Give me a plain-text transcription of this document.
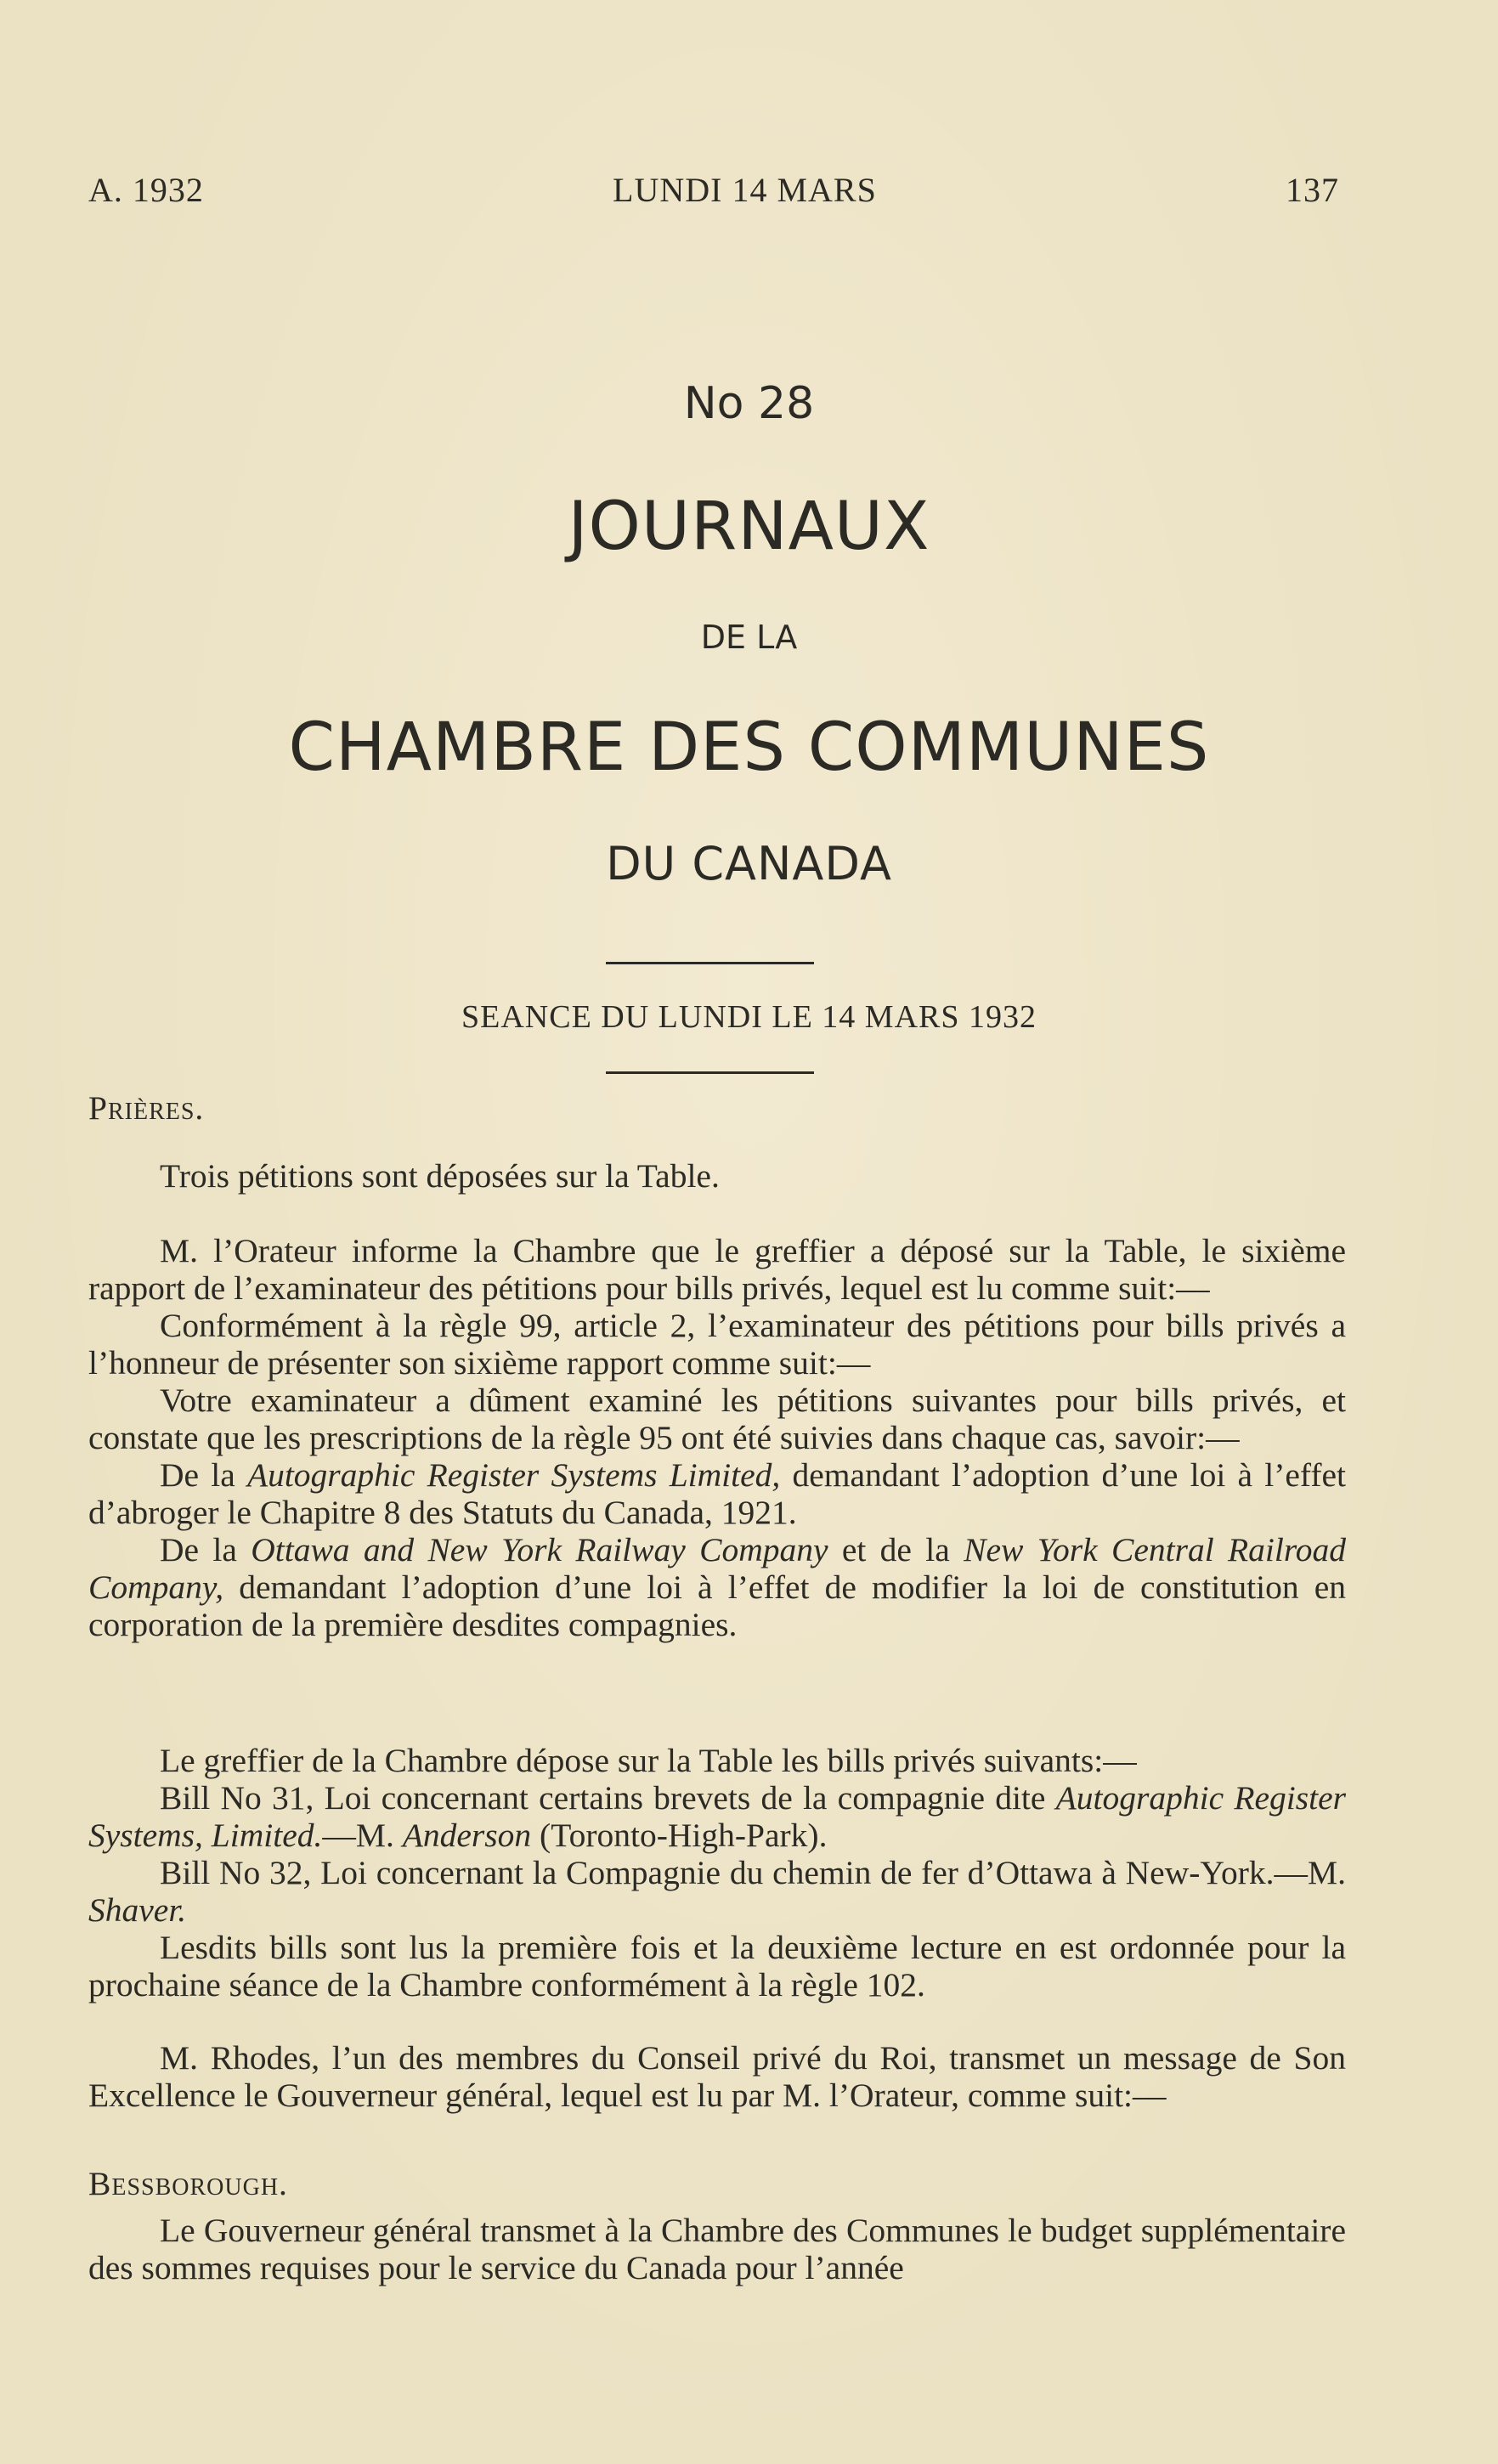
A. 1932	LUNDI 14 MARS	137
No 28
JOURNAUX
DE LA
CHAMBRE DES COMMUNES
DU CANADA
SEANCE DU LUNDI LE 14 MARS 1932

Prières.

Trois pétitions sont déposées sur la Table.

M. l’Orateur informe la Chambre que le greffier a déposé sur la Table, le sixième rapport de l’examinateur des pétitions pour bills privés, lequel est lu comme suit:—

Conformément à la règle 99, article 2, l’examinateur des pétitions pour bills privés a l’honneur de présenter son sixième rapport comme suit:—

Votre examinateur a dûment examiné les pétitions suivantes pour bills privés, et constate que les prescriptions de la règle 95 ont été suivies dans chaque cas, savoir:—

De la Autographic Register Systems Limited, demandant l’adoption d’une loi à l’effet d’abroger le Chapitre 8 des Statuts du Canada, 1921.

De la Ottawa and New York Railway Company et de la New York Central Railroad Company, demandant l’adoption d’une loi à l’effet de modifier la loi de constitution en corporation de la première desdites compagnies.

Le greffier de la Chambre dépose sur la Table les bills privés suivants:—

Bill No 31, Loi concernant certains brevets de la compagnie dite Autographic Register Systems, Limited.—M. Anderson (Toronto-High-Park).

Bill No 32, Loi concernant la Compagnie du chemin de fer d’Ottawa à New-York.—M. Shaver.

Lesdits bills sont lus la première fois et la deuxième lecture en est ordonnée pour la prochaine séance de la Chambre conformément à la règle 102.

M. Rhodes, l’un des membres du Conseil privé du Roi, transmet un message de Son Excellence le Gouverneur général, lequel est lu par M. l’Orateur, comme suit:—

Bessborough.

Le Gouverneur général transmet à la Chambre des Communes le budget supplémentaire des sommes requises pour le service du Canada pour l’année
